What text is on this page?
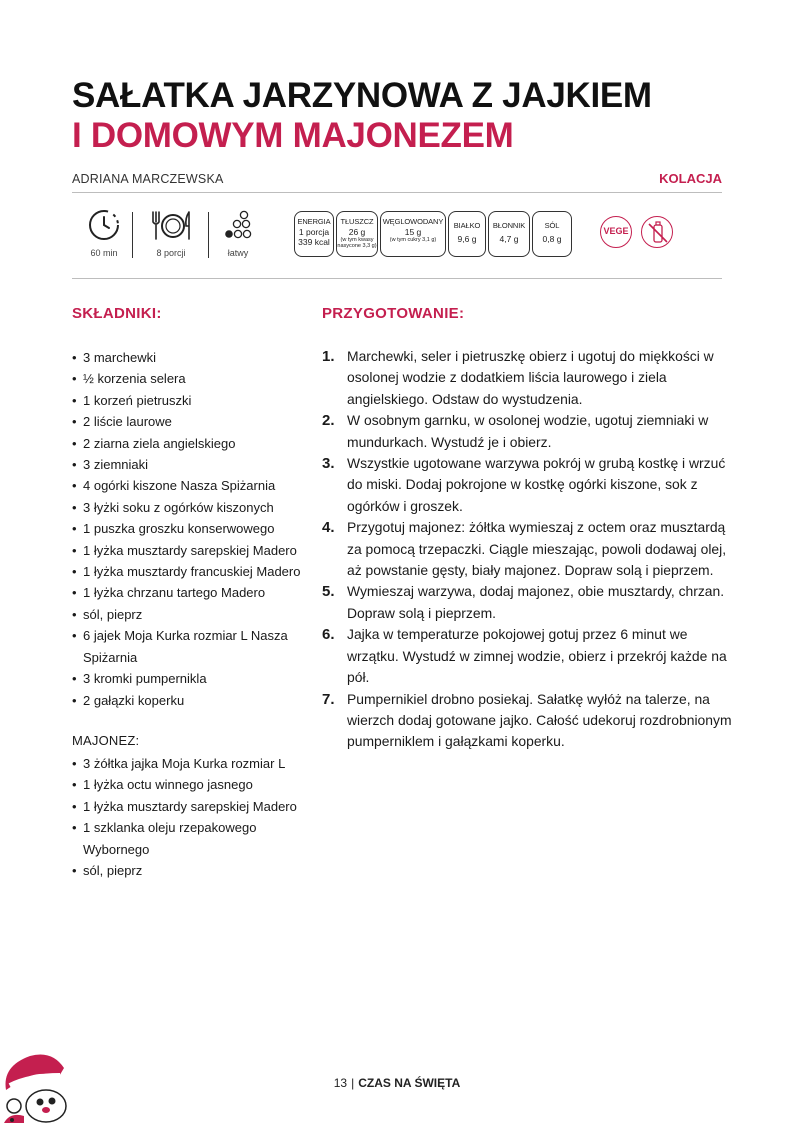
SAŁATKA JARZYNOWA Z JAJKIEM
I DOMOWYM MAJONEZEM
ADRIANA MARCZEWSKA	KOLACJA
60 min	8 porcji	łatwy
ENERGIA
1 porcja
339 kcal
TŁUSZCZ
26 g
(w tym kwasy nasycone 3,3 g)
WĘGLOWODANY
15 g
(w tym cukry 3,1 g)
BIAŁKO
9,6 g
BŁONNIK
4,7 g
SÓL
0,8 g
VEGE
SKŁADNIKI:
• 3 marchewki
• ½ korzenia selera
• 1 korzeń pietruszki
• 2 liście laurowe
• 2 ziarna ziela angielskiego
• 3 ziemniaki
• 4 ogórki kiszone Nasza Spiżarnia
• 3 łyżki soku z ogórków kiszonych
• 1 puszka groszku konserwowego
• 1 łyżka musztardy sarepskiej Madero
• 1 łyżka musztardy francuskiej Madero
• 1 łyżka chrzanu tartego Madero
• sól, pieprz
• 6 jajek Moja Kurka rozmiar L Nasza Spiżarnia
• 3 kromki pumpernikla
• 2 gałązki koperku
MAJONEZ:
• 3 żółtka jajka Moja Kurka rozmiar L
• 1 łyżka octu winnego jasnego
• 1 łyżka musztardy sarepskiej Madero
• 1 szklanka oleju rzepakowego Wybornego
• sól, pieprz
PRZYGOTOWANIE:
1. Marchewki, seler i pietruszkę obierz i ugotuj do miękkości w osolonej wodzie z dodatkiem liścia laurowego i ziela angielskiego. Odstaw do wystudzenia.
2. W osobnym garnku, w osolonej wodzie, ugotuj ziemniaki w mundurkach. Wystudź je i obierz.
3. Wszystkie ugotowane warzywa pokrój w grubą kostkę i wrzuć do miski. Dodaj pokrojone w kostkę ogórki kiszone, sok z ogórków i groszek.
4. Przygotuj majonez: żółtka wymieszaj z octem oraz musztardą za pomocą trzepaczki. Ciągle mieszając, powoli dodawaj olej, aż powstanie gęsty, biały majonez. Dopraw solą i pieprzem.
5. Wymieszaj warzywa, dodaj majonez, obie musztardy, chrzan. Dopraw solą i pieprzem.
6. Jajka w temperaturze pokojowej gotuj przez 6 minut we wrzątku. Wystudź w zimnej wodzie, obierz i przekrój każde na pół.
7. Pumpernikiel drobno posiekaj. Sałatkę wyłóż na talerze, na wierzch dodaj gotowane jajko. Całość udekoruj rozdrobnionym pumperniklem i gałązkami koperku.
13 | CZAS NA ŚWIĘTA
